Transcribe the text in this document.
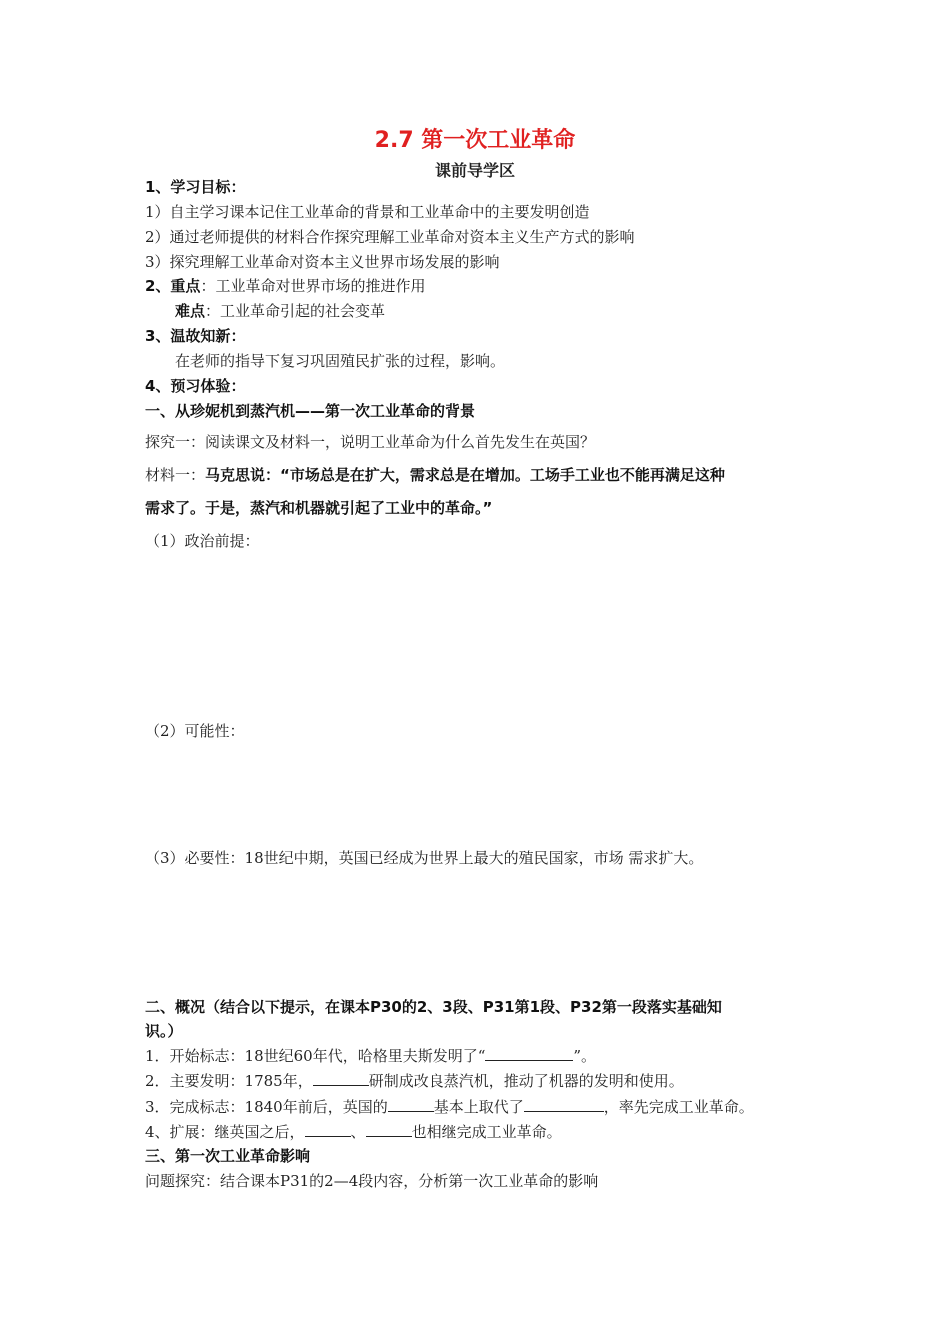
2.7 第一次工业革命
课前导学区
1、学习目标：
1）自主学习课本记住工业革命的背景和工业革命中的主要发明创造
2）通过老师提供的材料合作探究理解工业革命对资本主义生产方式的影响
3）探究理解工业革命对资本主义世界市场发展的影响
2、重点：工业革命对世界市场的推进作用
难点：工业革命引起的社会变革
3、温故知新：
在老师的指导下复习巩固殖民扩张的过程，影响。
4、预习体验：
一、从珍妮机到蒸汽机——第一次工业革命的背景
探究一：阅读课文及材料一，说明工业革命为什么首先发生在英国？
材料一：马克思说：“市场总是在扩大，需求总是在增加。工场手工业也不能再满足这种
需求了。于是，蒸汽和机器就引起了工业中的革命。”
（1）政治前提：
（2）可能性：
（3）必要性：18世纪中期，英国已经成为世界上最大的殖民国家，市场 需求扩大。
二、概况（结合以下提示，在课本P30的2、3段、P31第1段、P32第一段落实基础知
识。）
1．开始标志：18世纪60年代，哈格里夫斯发明了“	”。
2．主要发明：1785年，	研制成改良蒸汽机，推动了机器的发明和使用。
3．完成标志：1840年前后，英国的	基本上取代了	，率先完成工业革命。
4、扩展：继英国之后，	、	也相继完成工业革命。
三、第一次工业革命影响
问题探究：结合课本P31的2—4段内容，分析第一次工业革命的影响
